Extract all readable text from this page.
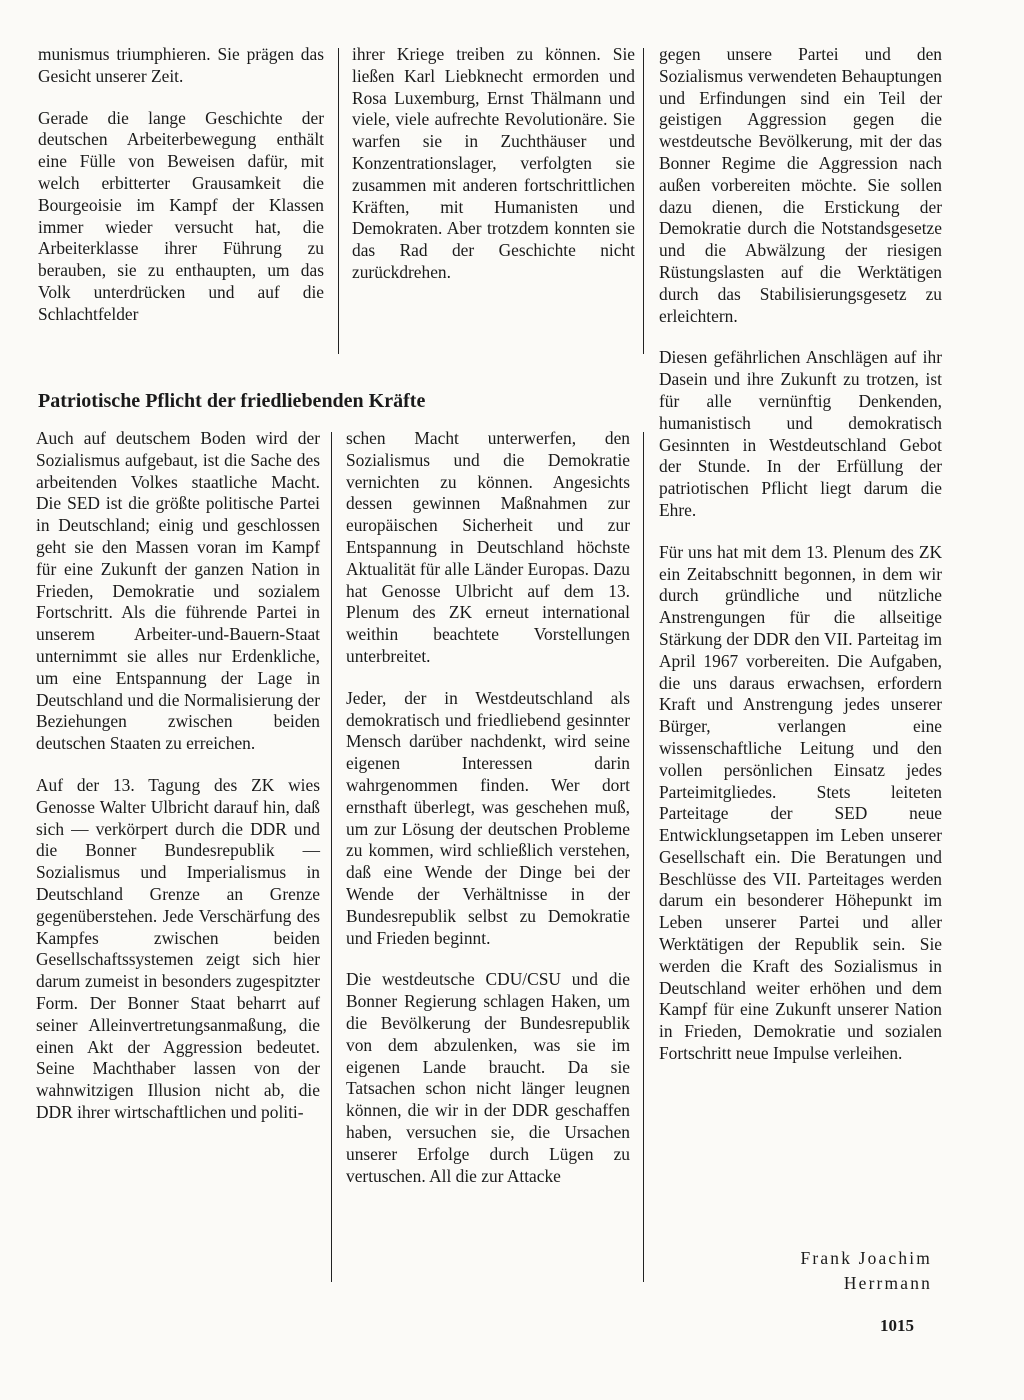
munismus triumphieren. Sie prägen das Gesicht unserer Zeit.

Gerade die lange Geschichte der deutschen Arbeiterbewegung enthält eine Fülle von Beweisen dafür, mit welch erbitterter Grausamkeit die Bourgeoisie im Kampf der Klassen immer wieder versucht hat, die Arbeiterklasse ihrer Führung zu berauben, sie zu enthaupten, um das Volk unterdrücken und auf die Schlachtfelder

ihrer Kriege treiben zu können. Sie ließen Karl Liebknecht ermorden und Rosa Luxemburg, Ernst Thälmann und viele, viele aufrechte Revolutionäre. Sie warfen sie in Zuchthäuser und Konzentrationslager, verfolgten sie zusammen mit anderen fortschrittlichen Kräften, mit Humanisten und Demokraten. Aber trotzdem konnten sie das Rad der Geschichte nicht zurückdrehen.

Patriotische Pflicht der friedliebenden Kräfte

Auch auf deutschem Boden wird der Sozialismus aufgebaut, ist die Sache des arbeitenden Volkes staatliche Macht. Die SED ist die größte politische Partei in Deutschland; einig und geschlossen geht sie den Massen voran im Kampf für eine Zukunft der ganzen Nation in Frieden, Demokratie und sozialem Fortschritt. Als die führende Partei in unserem Arbeiter-und-Bauern-Staat unternimmt sie alles nur Erdenkliche, um eine Entspannung der Lage in Deutschland und die Normalisierung der Beziehungen zwischen beiden deutschen Staaten zu erreichen.

Auf der 13. Tagung des ZK wies Genosse Walter Ulbricht darauf hin, daß sich — verkörpert durch die DDR und die Bonner Bundesrepublik — Sozialismus und Imperialismus in Deutschland Grenze an Grenze gegenüberstehen. Jede Verschärfung des Kampfes zwischen beiden Gesellschaftssystemen zeigt sich hier darum zumeist in besonders zugespitzter Form. Der Bonner Staat beharrt auf seiner Alleinvertretungsanmaßung, die einen Akt der Aggression bedeutet. Seine Machthaber lassen von der wahnwitzigen Illusion nicht ab, die DDR ihrer wirtschaftlichen und politi-

schen Macht unterwerfen, den Sozialismus und die Demokratie vernichten zu können. Angesichts dessen gewinnen Maßnahmen zur europäischen Sicherheit und zur Entspannung in Deutschland höchste Aktualität für alle Länder Europas. Dazu hat Genosse Ulbricht auf dem 13. Plenum des ZK erneut international weithin beachtete Vorstellungen unterbreitet.

Jeder, der in Westdeutschland als demokratisch und friedliebend gesinnter Mensch darüber nachdenkt, wird seine eigenen Interessen darin wahrgenommen finden. Wer dort ernsthaft überlegt, was geschehen muß, um zur Lösung der deutschen Probleme zu kommen, wird schließlich verstehen, daß eine Wende der Dinge bei der Wende der Verhältnisse in der Bundesrepublik selbst zu Demokratie und Frieden beginnt.

Die westdeutsche CDU/CSU und die Bonner Regierung schlagen Haken, um die Bevölkerung der Bundesrepublik von dem abzulenken, was sie im eigenen Lande braucht. Da sie Tatsachen schon nicht länger leugnen können, die wir in der DDR geschaffen haben, versuchen sie, die Ursachen unserer Erfolge durch Lügen zu vertuschen. All die zur Attacke

gegen unsere Partei und den Sozialismus verwendeten Behauptungen und Erfindungen sind ein Teil der geistigen Aggression gegen die westdeutsche Bevölkerung, mit der das Bonner Regime die Aggression nach außen vorbereiten möchte. Sie sollen dazu dienen, die Erstickung der Demokratie durch die Notstandsgesetze und die Abwälzung der riesigen Rüstungslasten auf die Werktätigen durch das Stabilisierungsgesetz zu erleichtern.

Diesen gefährlichen Anschlägen auf ihr Dasein und ihre Zukunft zu trotzen, ist für alle vernünftig Denkenden, humanistisch und demokratisch Gesinnten in Westdeutschland Gebot der Stunde. In der Erfüllung der patriotischen Pflicht liegt darum die Ehre.

Für uns hat mit dem 13. Plenum des ZK ein Zeitabschnitt begonnen, in dem wir durch gründliche und nützliche Anstrengungen für die allseitige Stärkung der DDR den VII. Parteitag im April 1967 vorbereiten. Die Aufgaben, die uns daraus erwachsen, erfordern Kraft und Anstrengung jedes unserer Bürger, verlangen eine wissenschaftliche Leitung und den vollen persönlichen Einsatz jedes Parteimitgliedes. Stets leiteten Parteitage der SED neue Entwicklungsetappen im Leben unserer Gesellschaft ein. Die Beratungen und Beschlüsse des VII. Parteitages werden darum ein besonderer Höhepunkt im Leben unserer Partei und aller Werktätigen der Republik sein. Sie werden die Kraft des Sozialismus in Deutschland weiter erhöhen und dem Kampf für eine Zukunft unserer Nation in Frieden, Demokratie und sozialen Fortschritt neue Impulse verleihen.

Frank Joachim
Herrmann
1015
